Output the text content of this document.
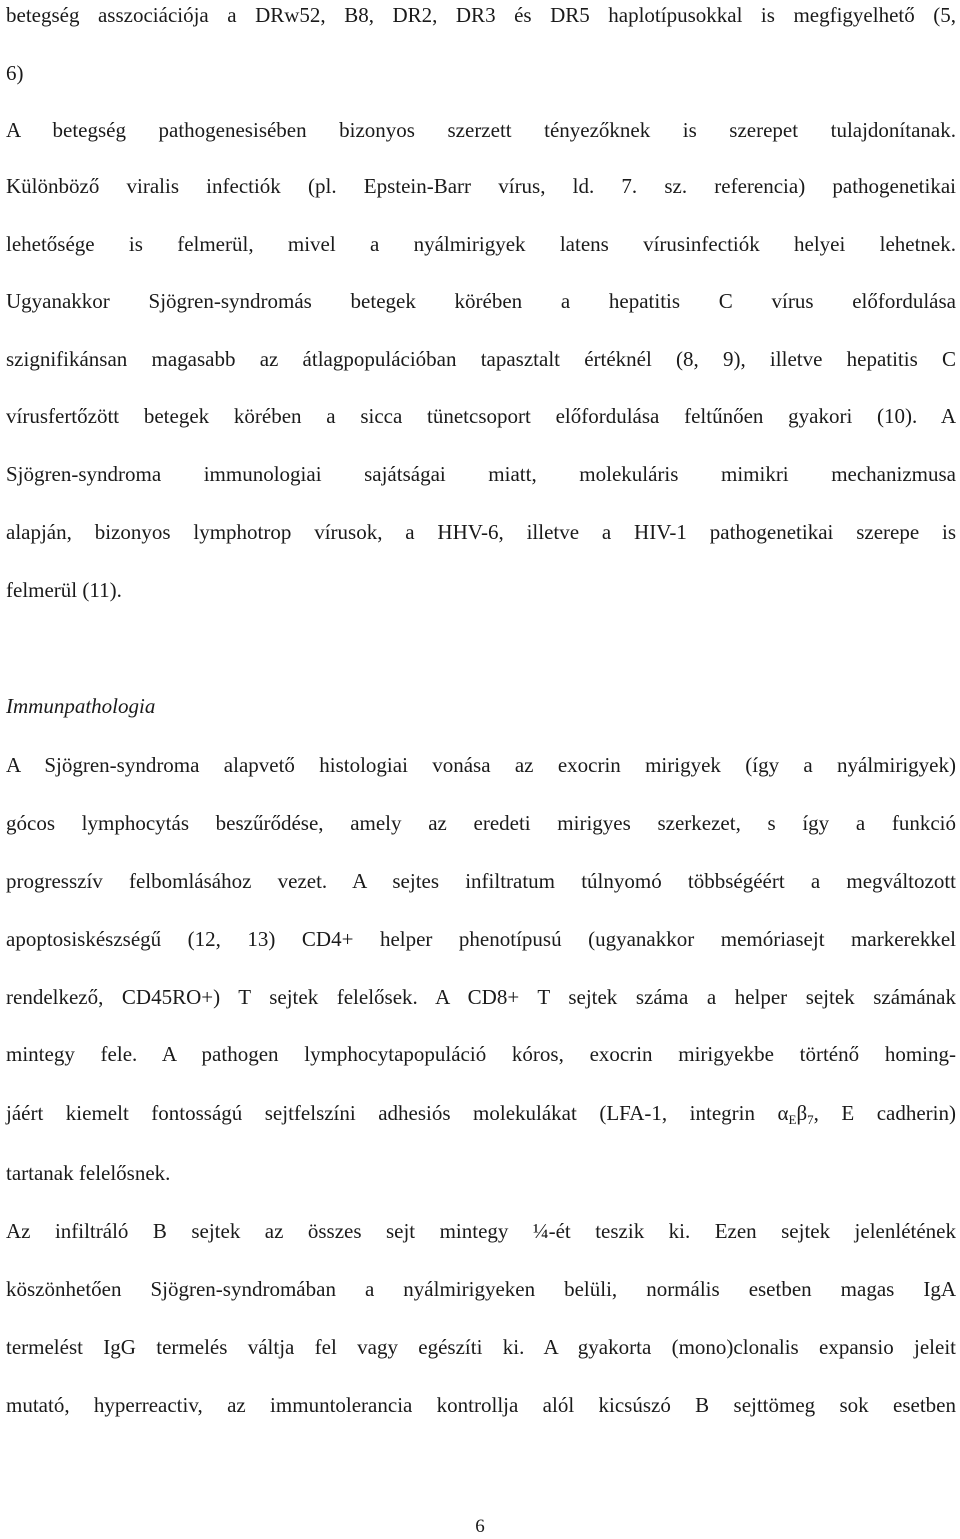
betegség asszociációja a DRw52, B8, DR2, DR3 és DR5 haplotípusokkal is megfigyelhető (5,
6)
A betegség pathogenesisében bizonyos szerzett tényezőknek is szerepet tulajdonítanak.
Különböző viralis infectiók (pl. Epstein-Barr vírus, ld. 7. sz. referencia) pathogenetikai
lehetősége is felmerül, mivel a nyálmirigyek latens vírusinfectiók helyei lehetnek.
Ugyanakkor Sjögren-syndromás betegek körében a hepatitis C vírus előfordulása
szignifikánsan magasabb az átlagpopulációban tapasztalt értéknél (8, 9), illetve hepatitis C
vírusfertőzött betegek körében a sicca tünetcsoport előfordulása feltűnően gyakori (10). A
Sjögren-syndroma immunologiai sajátságai miatt, molekuláris mimikri mechanizmusa
alapján, bizonyos lymphotrop vírusok, a HHV-6, illetve a HIV-1 pathogenetikai szerepe is
felmerül (11).
Immunpathologia
A Sjögren-syndroma alapvető histologiai vonása az exocrin mirigyek (így a nyálmirigyek)
gócos lymphocytás beszűrődése, amely az eredeti mirigyes szerkezet, s így a funkció
progresszív felbomlásához vezet. A sejtes infiltratum túlnyomó többségéért a megváltozott
apoptosiskészségű (12, 13) CD4+ helper phenotípusú (ugyanakkor memóriasejt markerekkel
rendelkező, CD45RO+) T sejtek felelősek. A CD8+ T sejtek száma a helper sejtek számának
mintegy fele. A pathogen lymphocytapopuláció kóros, exocrin mirigyekbe történő homing-
jáért kiemelt fontosságú sejtfelszíni adhesiós molekulákat (LFA-1, integrin $\alpha_E\beta_7$, E cadherin)
tartanak felelősnek.
Az infiltráló B sejtek az összes sejt mintegy ¼-ét teszik ki. Ezen sejtek jelenlétének
köszönhetően Sjögren-syndromában a nyálmirigyeken belüli, normális esetben magas IgA
termelést IgG termelés váltja fel vagy egészíti ki. A gyakorta (mono)clonalis expansio jeleit
mutató, hyperreactiv, az immuntolerancia kontrollja alól kicsúszó B sejttömeg sok esetben
6
